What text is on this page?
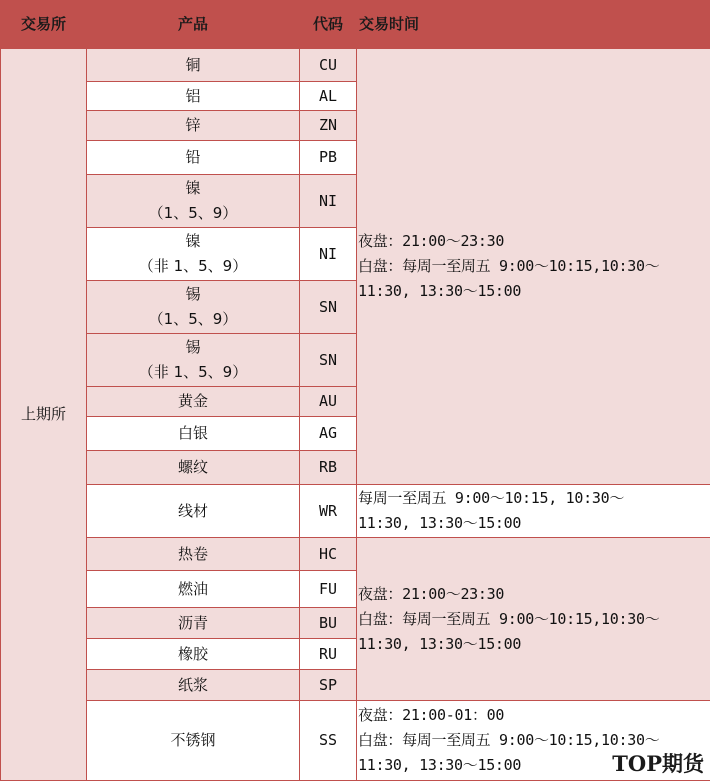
交易所	产品	代码	交易时间
上期所	铜	CU	夜盘：21:00～23:30
白盘：每周一至周五 9:00～10:15,10:30～
11:30, 13:30～15:00

	铝	AL	

	锌	ZN	

	铅	PB	

	镍
（1、5、9）	NI	

	镍
（非 1、5、9）	NI	

	锡
（1、5、9）	SN	

	锡
（非 1、5、9）	SN	

	黄金	AU	

	白银	AG	

	螺纹	RB	

	线材	WR	每周一至周五 9:00～10:15, 10:30～
11:30, 13:30～15:00

	热卷	HC	夜盘：21:00～23:30
白盘：每周一至周五 9:00～10:15,10:30～
11:30, 13:30～15:00

	燃油	FU	

	沥青	BU	

	橡胶	RU	

	纸浆	SP	

	不锈钢	SS	夜盘：21:00-01：00
白盘：每周一至周五 9:00～10:15,10:30～
11:30, 13:30～15:00	TOP期货
